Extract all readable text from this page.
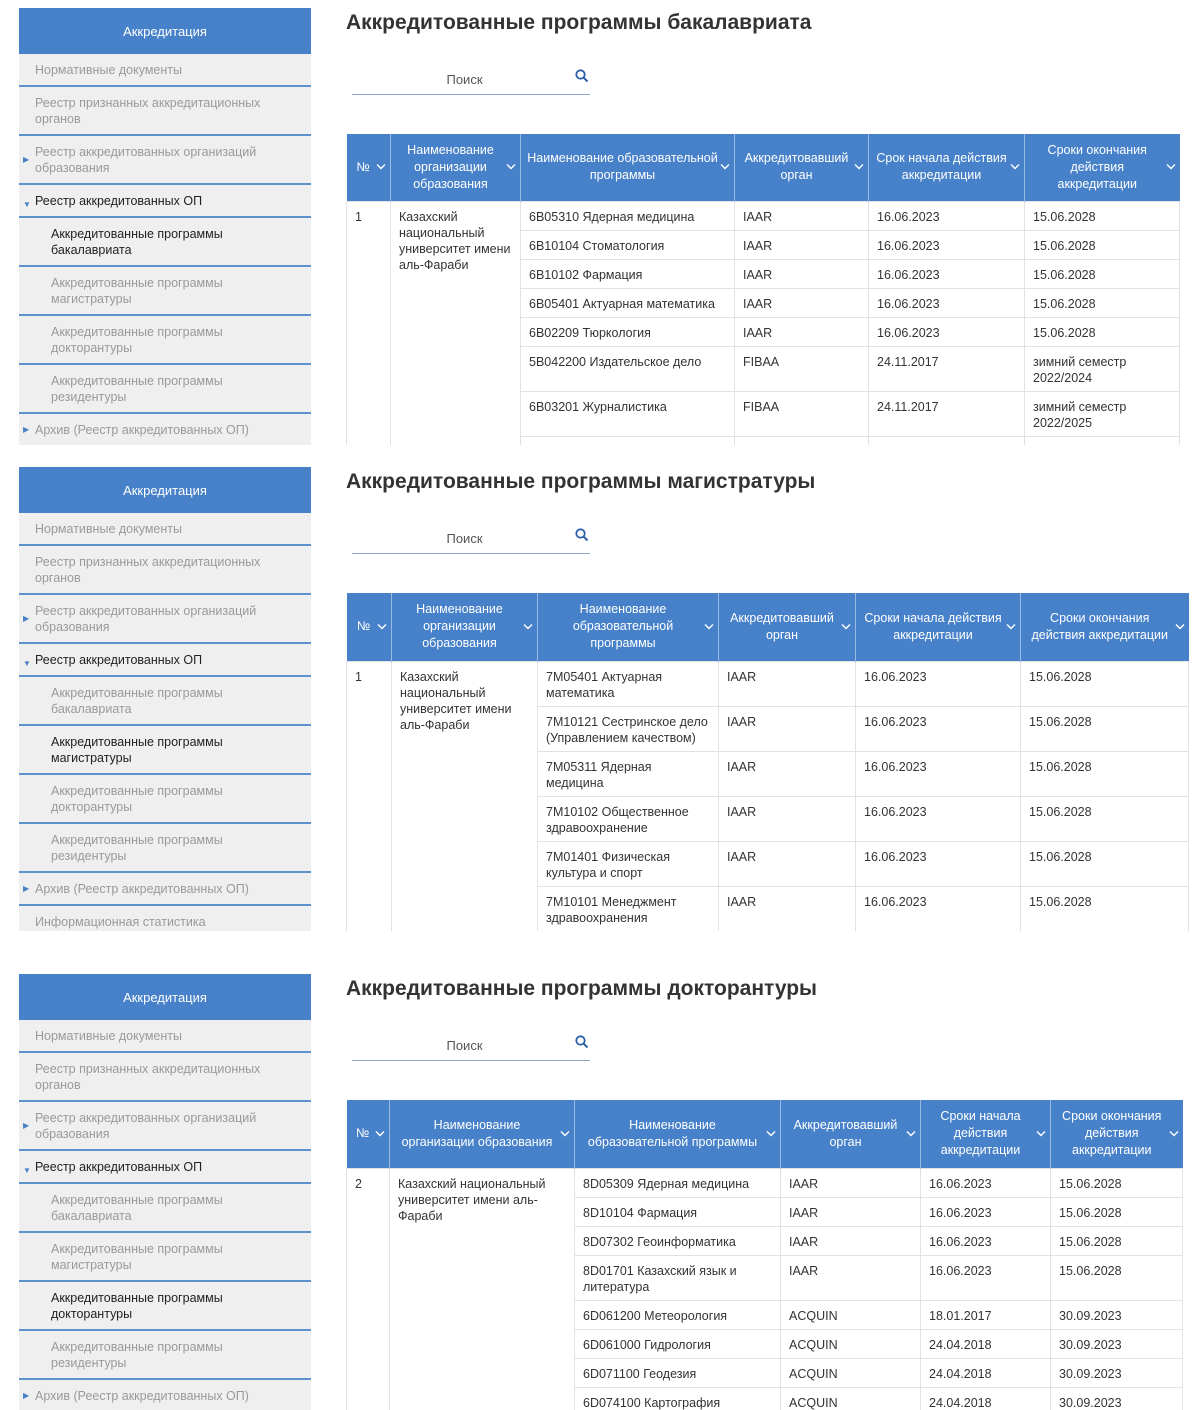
Аккредитация
Нормативные документы
Реестр признанных аккредитационных органов
▶ Реестр аккредитованных организаций образования
▼ Реестр аккредитованных ОП
Аккредитованные программы бакалавриата
Аккредитованные программы магистратуры
Аккредитованные программы докторантуры
Аккредитованные программы резидентуры
▶ Архив (Реестр аккредитованных ОП)
Аккредитованные программы бакалавриата
Поиск
№	Наименование организации образования	Наименование образовательной программы	Аккредитовавший орган	Срок начала действия аккредитации	Сроки окончания действия аккредитации

1	Казахский национальный университет имени аль-Фараби	6В05310 Ядерная медицина	IAAR	16.06.2023	15.06.2028
		6В10104 Стоматология	IAAR	16.06.2023	15.06.2028
		6В10102 Фармация	IAAR	16.06.2023	15.06.2028
		6В05401 Актуарная математика	IAAR	16.06.2023	15.06.2028
		6В02209 Тюркология	IAAR	16.06.2023	15.06.2028
		5В042200 Издательское дело	FIBAA	24.11.2017	зимний семестр 2022/2024
		6В03201 Журналистика	FIBAA	24.11.2017	зимний семестр 2022/2025

Аккредитация
Нормативные документы
Реестр признанных аккредитационных органов
▶ Реестр аккредитованных организаций образования
▼ Реестр аккредитованных ОП
Аккредитованные программы бакалавриата
Аккредитованные программы магистратуры
Аккредитованные программы докторантуры
Аккредитованные программы резидентуры
▶ Архив (Реестр аккредитованных ОП)
Информационная статистика
Аккредитованные программы магистратуры
Поиск
№	Наименование организации образования	Наименование образовательной программы	Аккредитовавший орган	Сроки начала действия аккредитации	Сроки окончания действия аккредитации

1	Казахский национальный университет имени аль-Фараби	7М05401 Актуарная математика	IAAR	16.06.2023	15.06.2028
		7М10121 Сестринское дело (Управлением качеством)	IAAR	16.06.2023	15.06.2028
		7М05311 Ядерная медицина	IAAR	16.06.2023	15.06.2028
		7М10102 Общественное здравоохранение	IAAR	16.06.2023	15.06.2028
		7М01401 Физическая культура и спорт	IAAR	16.06.2023	15.06.2028
		7М10101 Менеджмент здравоохранения	IAAR	16.06.2023	15.06.2028
Аккредитация
Нормативные документы
Реестр признанных аккредитационных органов
▶ Реестр аккредитованных организаций образования
▼ Реестр аккредитованных ОП
Аккредитованные программы бакалавриата
Аккредитованные программы магистратуры
Аккредитованные программы докторантуры
Аккредитованные программы резидентуры
▶ Архив (Реестр аккредитованных ОП)
Аккредитованные программы докторантуры
Поиск
№	Наименование организации образования	Наименование образовательной программы	Аккредитовавший орган	Сроки начала действия аккредитации	Сроки окончания действия аккредитации

2	Казахский национальный университет имени аль-Фараби	8D05309 Ядерная медицина	IAAR	16.06.2023	15.06.2028
		8D10104 Фармация	IAAR	16.06.2023	15.06.2028
		8D07302 Геоинформатика	IAAR	16.06.2023	15.06.2028
		8D01701 Казахский язык и литература	IAAR	16.06.2023	15.06.2028
		6D061200 Метеорология	ACQUIN	18.01.2017	30.09.2023
		6D061000 Гидрология	ACQUIN	24.04.2018	30.09.2023
		6D071100 Геодезия	ACQUIN	24.04.2018	30.09.2023
		6D074100 Картография	ACQUIN	24.04.2018	30.09.2023
